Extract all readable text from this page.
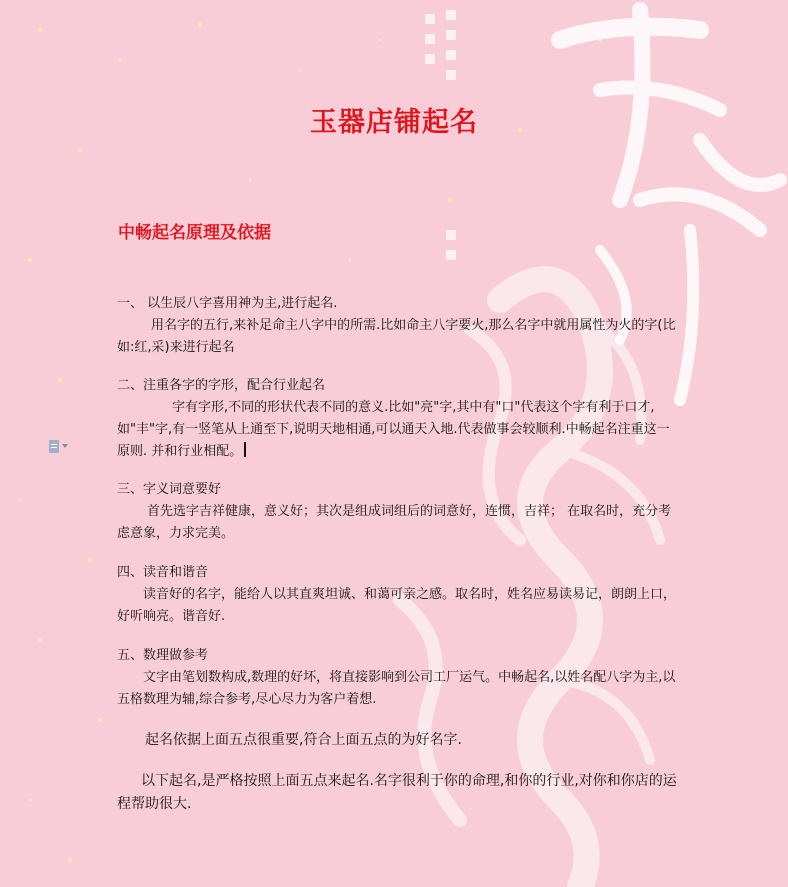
玉器店铺起名
中畅起名原理及依据

一、 以生辰八字喜用神为主,进行起名.

用名字的五行,来补足命主八字中的所需.比如命主八字要火,那么名字中就用属性为火的字(比如:红,采)来进行起名

二、注重各字的字形，配合行业起名

字有字形,不同的形状代表不同的意义.比如"亮"字,其中有"口"代表这个字有利于口才,如"丰"字,有一竖笔从上通至下,说明天地相通,可以通天入地.代表做事会较顺利.中畅起名注重这一原则. 并和行业相配。

三、字义词意要好

首先选字吉祥健康，意义好；其次是组成词组后的词意好，连惯，吉祥； 在取名时，充分考虑意象，力求完美。

四、读音和谐音

读音好的名字，能给人以其直爽坦诚、和蔼可亲之感。取名时，姓名应易读易记，朗朗上口，好听响亮。谐音好.

五、数理做参考

文字由笔划数构成,数理的好坏，将直接影响到公司工厂运气。中畅起名,以姓名配八字为主,以五格数理为辅,综合参考,尽心尽力为客户着想.

起名依据上面五点很重要,符合上面五点的为好名字.

以下起名,是严格按照上面五点来起名.名字很利于你的命理,和你的行业,对你和你店的运程帮助很大.
